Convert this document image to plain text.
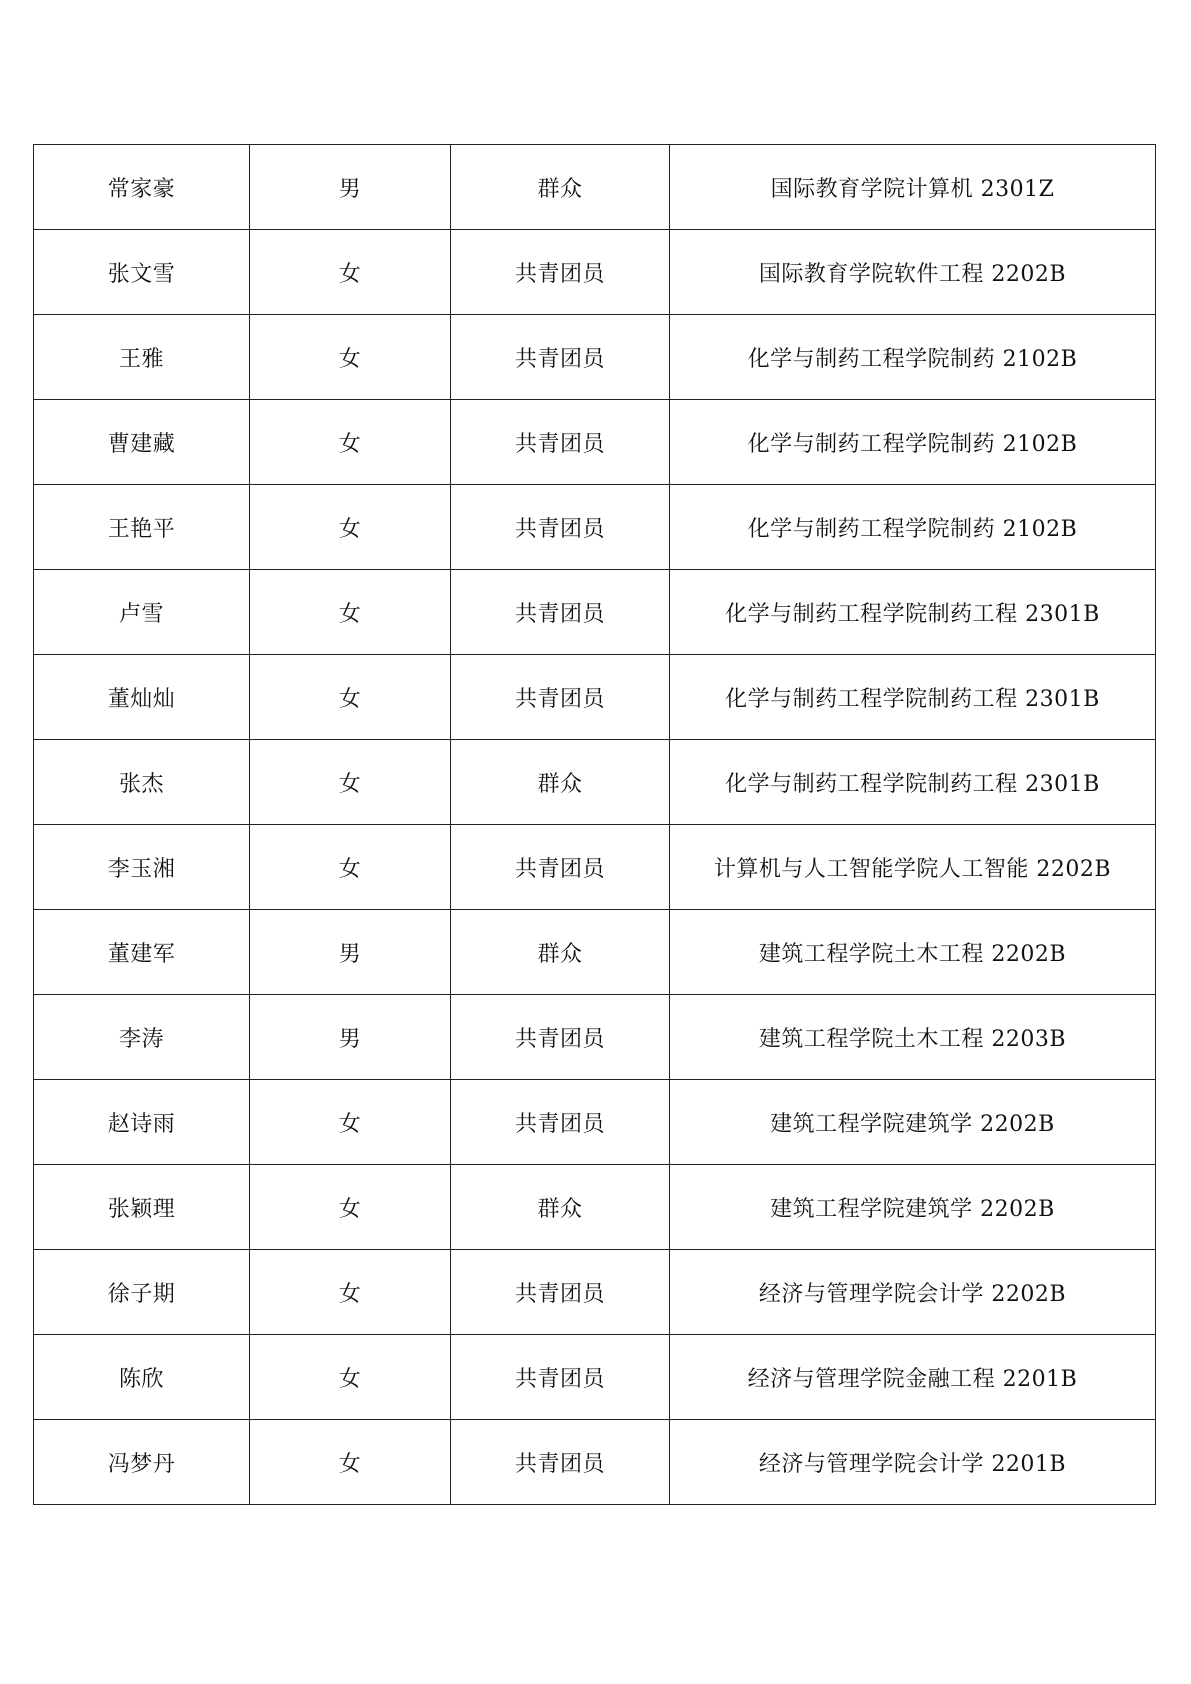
常家豪	男	群众	国际教育学院计算机 2301Z
张文雪	女	共青团员	国际教育学院软件工程 2202B
王雅	女	共青团员	化学与制药工程学院制药 2102B
曹建藏	女	共青团员	化学与制药工程学院制药 2102B
王艳平	女	共青团员	化学与制药工程学院制药 2102B
卢雪	女	共青团员	化学与制药工程学院制药工程 2301B
董灿灿	女	共青团员	化学与制药工程学院制药工程 2301B
张杰	女	群众	化学与制药工程学院制药工程 2301B
李玉湘	女	共青团员	计算机与人工智能学院人工智能 2202B
董建军	男	群众	建筑工程学院土木工程 2202B
李涛	男	共青团员	建筑工程学院土木工程 2203B
赵诗雨	女	共青团员	建筑工程学院建筑学 2202B
张颖理	女	群众	建筑工程学院建筑学 2202B
徐子期	女	共青团员	经济与管理学院会计学 2202B
陈欣	女	共青团员	经济与管理学院金融工程 2201B
冯梦丹	女	共青团员	经济与管理学院会计学 2201B
